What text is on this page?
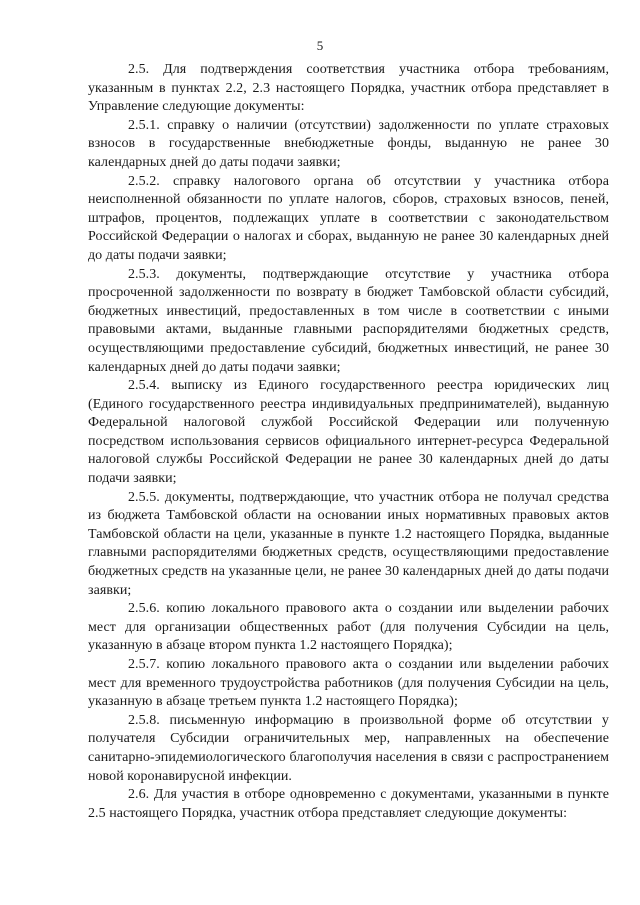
5

2.5. Для подтверждения соответствия участника отбора требованиям, указанным в пунктах 2.2, 2.3 настоящего Порядка, участник отбора представляет в Управление следующие документы:

2.5.1. справку о наличии (отсутствии) задолженности по уплате страховых взносов в государственные внебюджетные фонды, выданную не ранее 30 календарных дней до даты подачи заявки;

2.5.2. справку налогового органа об отсутствии у участника отбора неисполненной обязанности по уплате налогов, сборов, страховых взносов, пеней, штрафов, процентов, подлежащих уплате в соответствии с законодательством Российской Федерации о налогах и сборах, выданную не ранее 30 календарных дней до даты подачи заявки;

2.5.3. документы, подтверждающие отсутствие у участника отбора просроченной задолженности по возврату в бюджет Тамбовской области субсидий, бюджетных инвестиций, предоставленных в том числе в соответствии с иными правовыми актами, выданные главными распорядителями бюджетных средств, осуществляющими предоставление субсидий, бюджетных инвестиций, не ранее 30 календарных дней до даты подачи заявки;

2.5.4. выписку из Единого государственного реестра юридических лиц (Единого государственного реестра индивидуальных предпринимателей), выданную Федеральной налоговой службой Российской Федерации или полученную посредством использования сервисов официального интернет-ресурса Федеральной налоговой службы Российской Федерации не ранее 30 календарных дней до даты подачи заявки;

2.5.5. документы, подтверждающие, что участник отбора не получал средства из бюджета Тамбовской области на основании иных нормативных правовых актов Тамбовской области на цели, указанные в пункте 1.2 настоящего Порядка, выданные главными распорядителями бюджетных средств, осуществляющими предоставление бюджетных средств на указанные цели, не ранее 30 календарных дней до даты подачи заявки;

2.5.6. копию локального правового акта о создании или выделении рабочих мест для организации общественных работ (для получения Субсидии на цель, указанную в абзаце втором пункта 1.2 настоящего Порядка);

2.5.7. копию локального правового акта о создании или выделении рабочих мест для временного трудоустройства работников (для получения Субсидии на цель, указанную в абзаце третьем пункта 1.2 настоящего Порядка);

2.5.8. письменную информацию в произвольной форме об отсутствии у получателя Субсидии ограничительных мер, направленных на обеспечение санитарно-эпидемиологического благополучия населения в связи с распространением новой коронавирусной инфекции.

2.6. Для участия в отборе одновременно с документами, указанными в пункте 2.5 настоящего Порядка, участник отбора представляет следующие документы:
